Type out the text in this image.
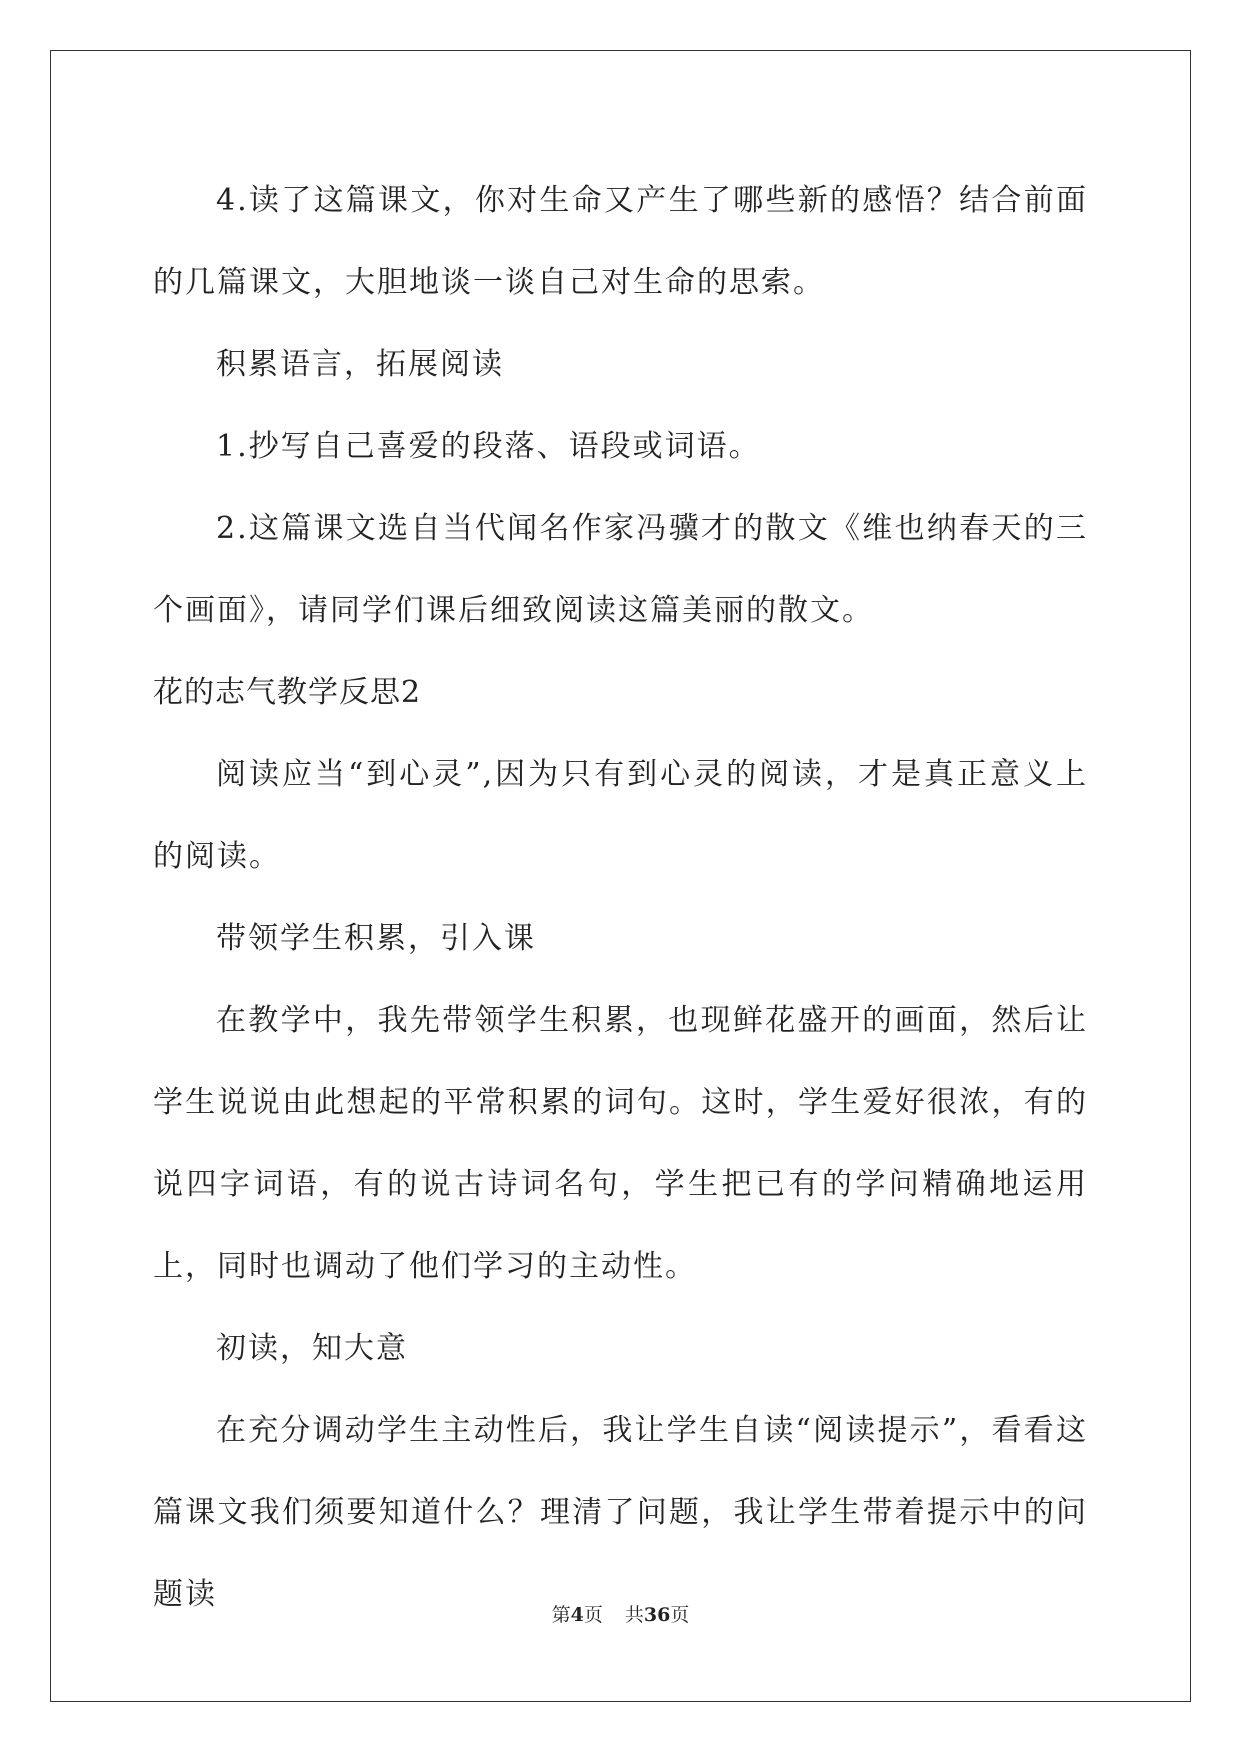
4.读了这篇课文，你对生命又产生了哪些新的感悟？结合前面的几篇课文，大胆地谈一谈自己对生命的思索。

积累语言，拓展阅读

1.抄写自己喜爱的段落、语段或词语。

2.这篇课文选自当代闻名作家冯骥才的散文《维也纳春天的三个画面》，请同学们课后细致阅读这篇美丽的散文。

花的志气教学反思2

阅读应当“到心灵”,因为只有到心灵的阅读，才是真正意义上的阅读。

带领学生积累，引入课

在教学中，我先带领学生积累，也现鲜花盛开的画面，然后让学生说说由此想起的平常积累的词句。这时，学生爱好很浓，有的说四字词语，有的说古诗词名句，学生把已有的学问精确地运用上，同时也调动了他们学习的主动性。

初读，知大意

在充分调动学生主动性后，我让学生自读“阅读提示”，看看这篇课文我们须要知道什么？理清了问题，我让学生带着提示中的问题读

第4页 共36页
